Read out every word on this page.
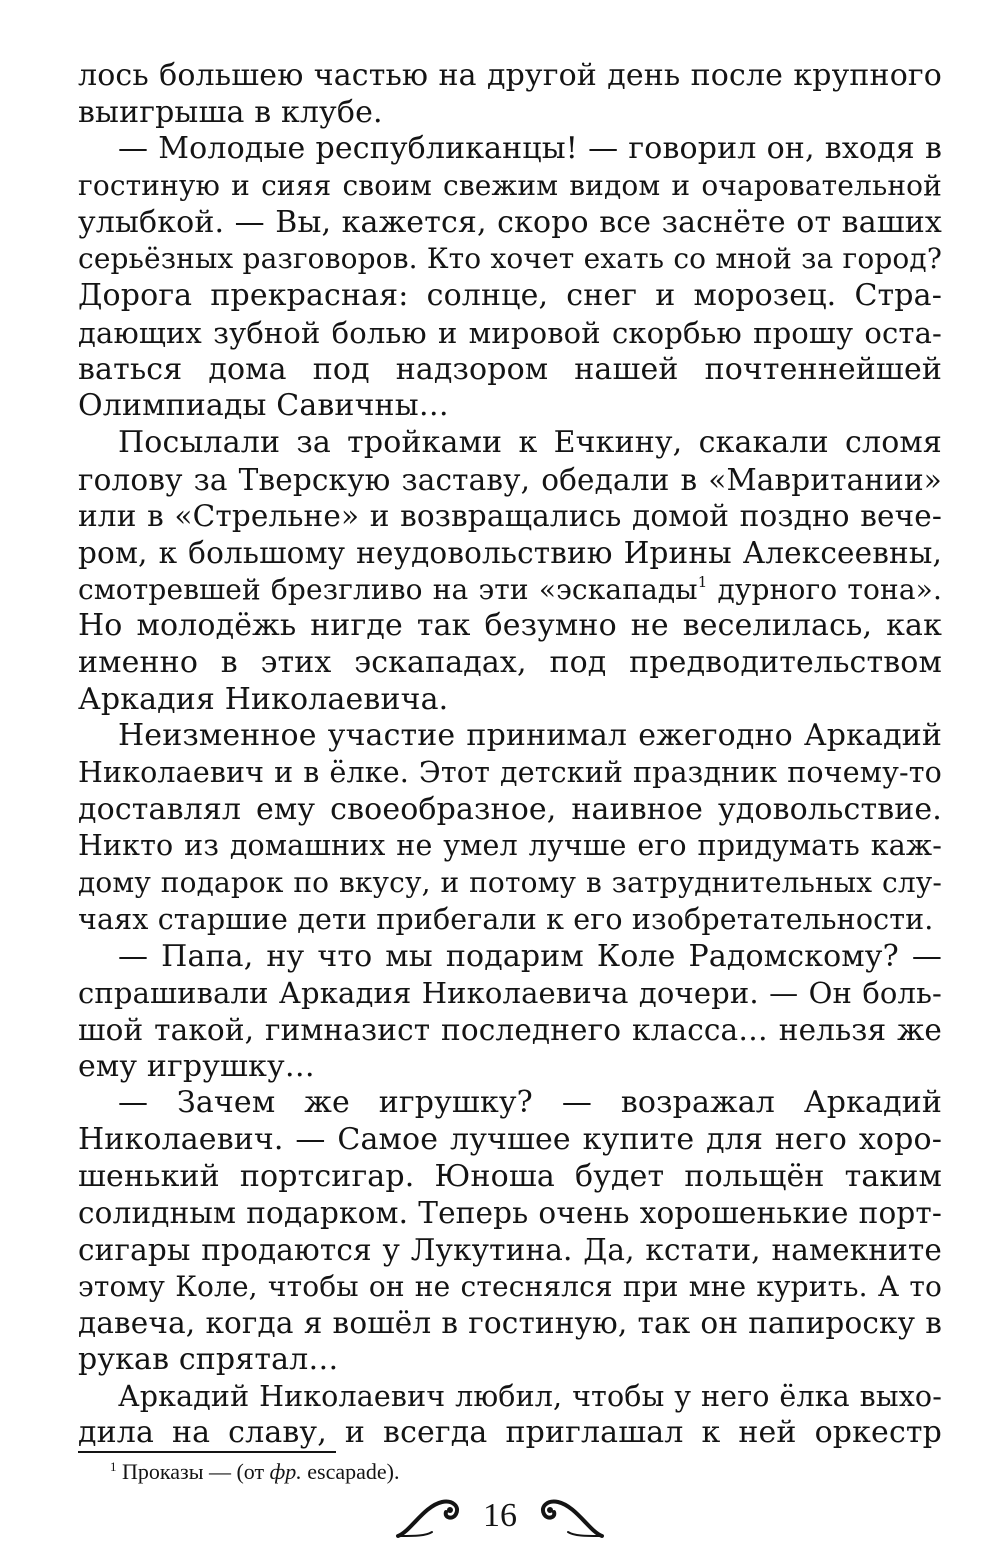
лось большею частью на другой день после крупного
выигрыша в клубе.
— Молодые республиканцы! — говорил он, входя в
гостиную и сияя своим свежим видом и очаровательной
улыбкой. — Вы, кажется, скоро все заснёте от ваших
серьёзных разговоров. Кто хочет ехать со мной за город?
Дорога прекрасная: солнце, снег и морозец. Стра-
дающих зубной болью и мировой скорбью прошу оста-
ваться дома под надзором нашей почтеннейшей
Олимпиады Савичны…
Посылали за тройками к Ечкину, скакали сломя
голову за Тверскую заставу, обедали в «Мавритании»
или в «Стрельне» и возвращались домой поздно вече-
ром, к большому неудовольствию Ирины Алексеевны,
смотревшей брезгливо на эти «эскапады$^1$ дурного тона».
Но молодёжь нигде так безумно не веселилась, как
именно в этих эскападах, под предводительством
Аркадия Николаевича.
Неизменное участие принимал ежегодно Аркадий
Николаевич и в ёлке. Этот детский праздник почему-то
доставлял ему своеобразное, наивное удовольствие.
Никто из домашних не умел лучше его придумать каж-
дому подарок по вкусу, и потому в затруднительных слу-
чаях старшие дети прибегали к его изобретательности.
— Папа, ну что мы подарим Коле Радомскому? —
спрашивали Аркадия Николаевича дочери. — Он боль-
шой такой, гимназист последнего класса… нельзя же
ему игрушку…
— Зачем же игрушку? — возражал Аркадий
Николаевич. — Самое лучшее купите для него хоро-
шенький портсигар. Юноша будет польщён таким
солидным подарком. Теперь очень хорошенькие порт-
сигары продаются у Лукутина. Да, кстати, намекните
этому Коле, чтобы он не стеснялся при мне курить. А то
давеча, когда я вошёл в гостиную, так он папироску в
рукав спрятал…
Аркадий Николаевич любил, чтобы у него ёлка выхо-
дила на славу, и всегда приглашал к ней оркестр
$^1$ Проказы — (от фр. escapade).
16
